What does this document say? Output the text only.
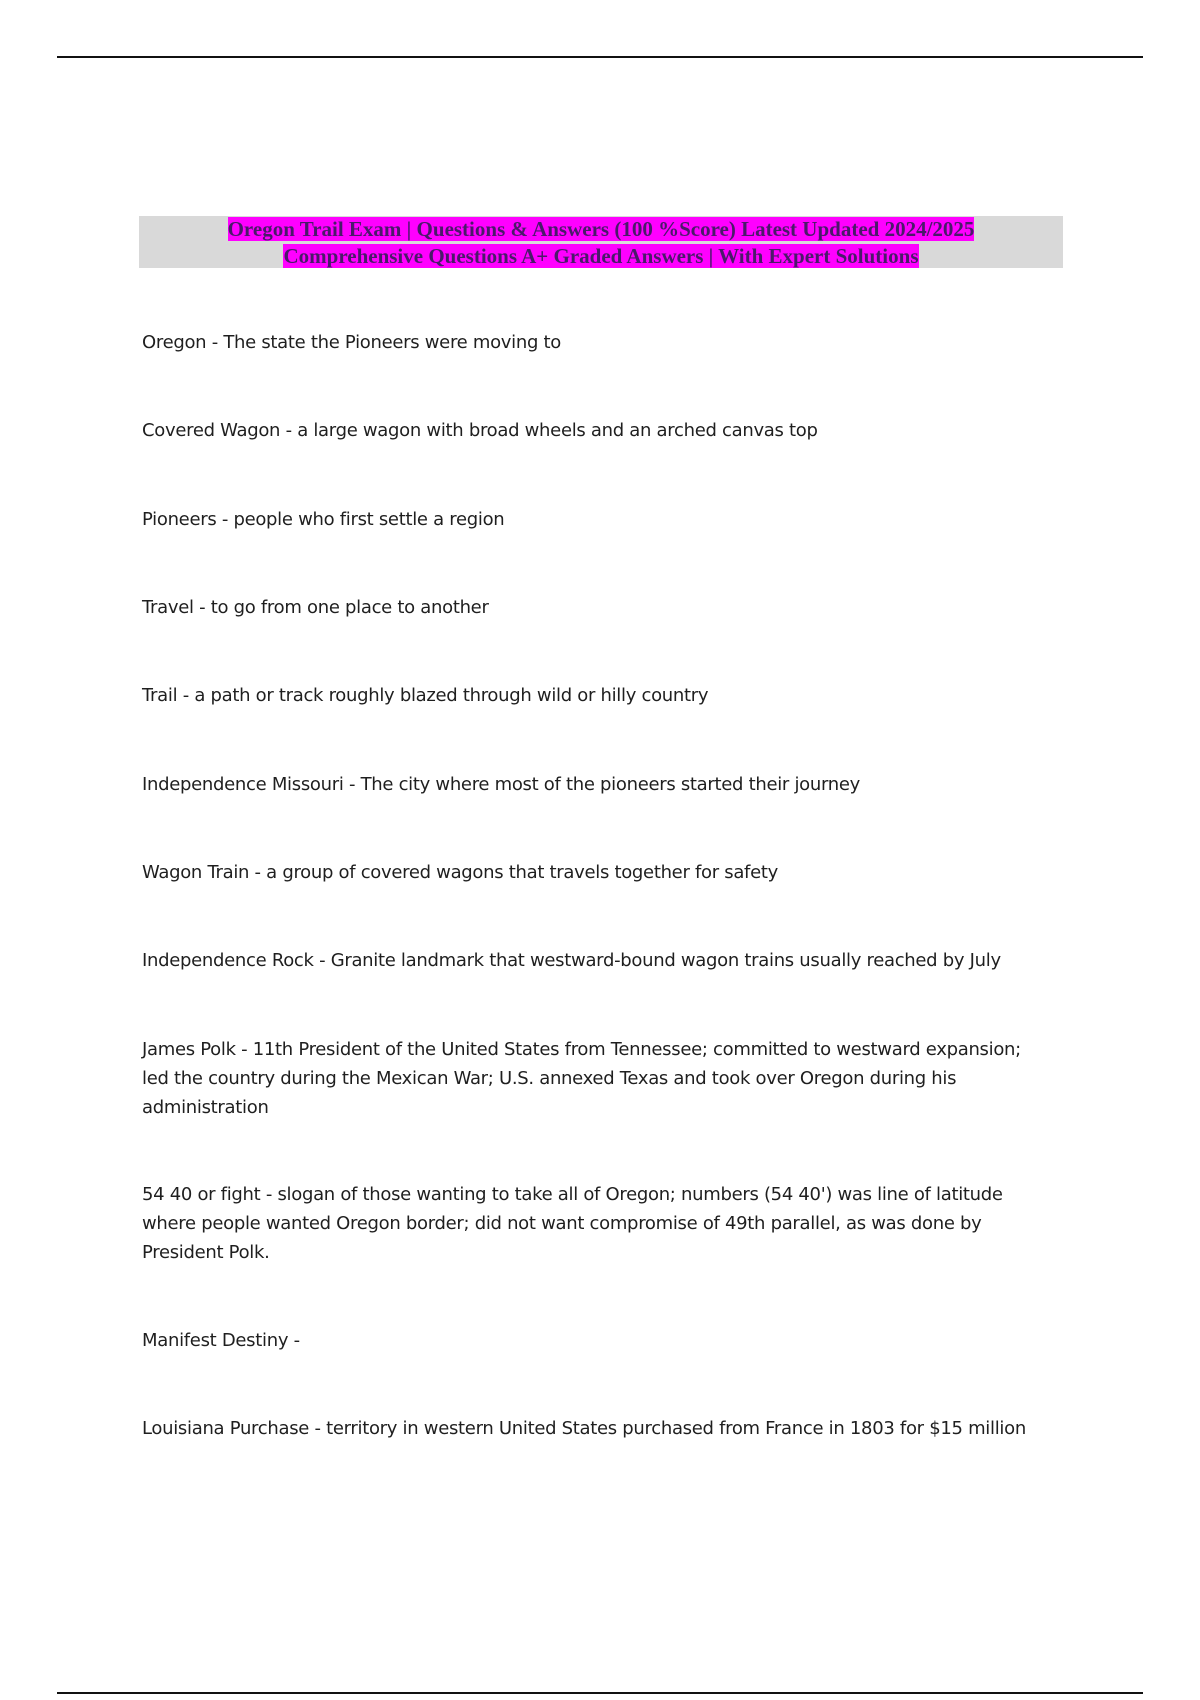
Oregon Trail Exam | Questions & Answers (100 %Score) Latest Updated 2024/2025
Comprehensive Questions A+ Graded Answers | With Expert Solutions
Oregon - The state the Pioneers were moving to
Covered Wagon - a large wagon with broad wheels and an arched canvas top
Pioneers - people who first settle a region
Travel - to go from one place to another
Trail - a path or track roughly blazed through wild or hilly country
Independence Missouri - The city where most of the pioneers started their journey
Wagon Train - a group of covered wagons that travels together for safety
Independence Rock - Granite landmark that westward-bound wagon trains usually reached by July
James Polk - 11th President of the United States from Tennessee; committed to westward expansion; led the country during the Mexican War; U.S. annexed Texas and took over Oregon during his administration
54 40 or fight - slogan of those wanting to take all of Oregon; numbers (54 40') was line of latitude where people wanted Oregon border; did not want compromise of 49th parallel, as was done by President Polk.
Manifest Destiny -
Louisiana Purchase - territory in western United States purchased from France in 1803 for $15 million
